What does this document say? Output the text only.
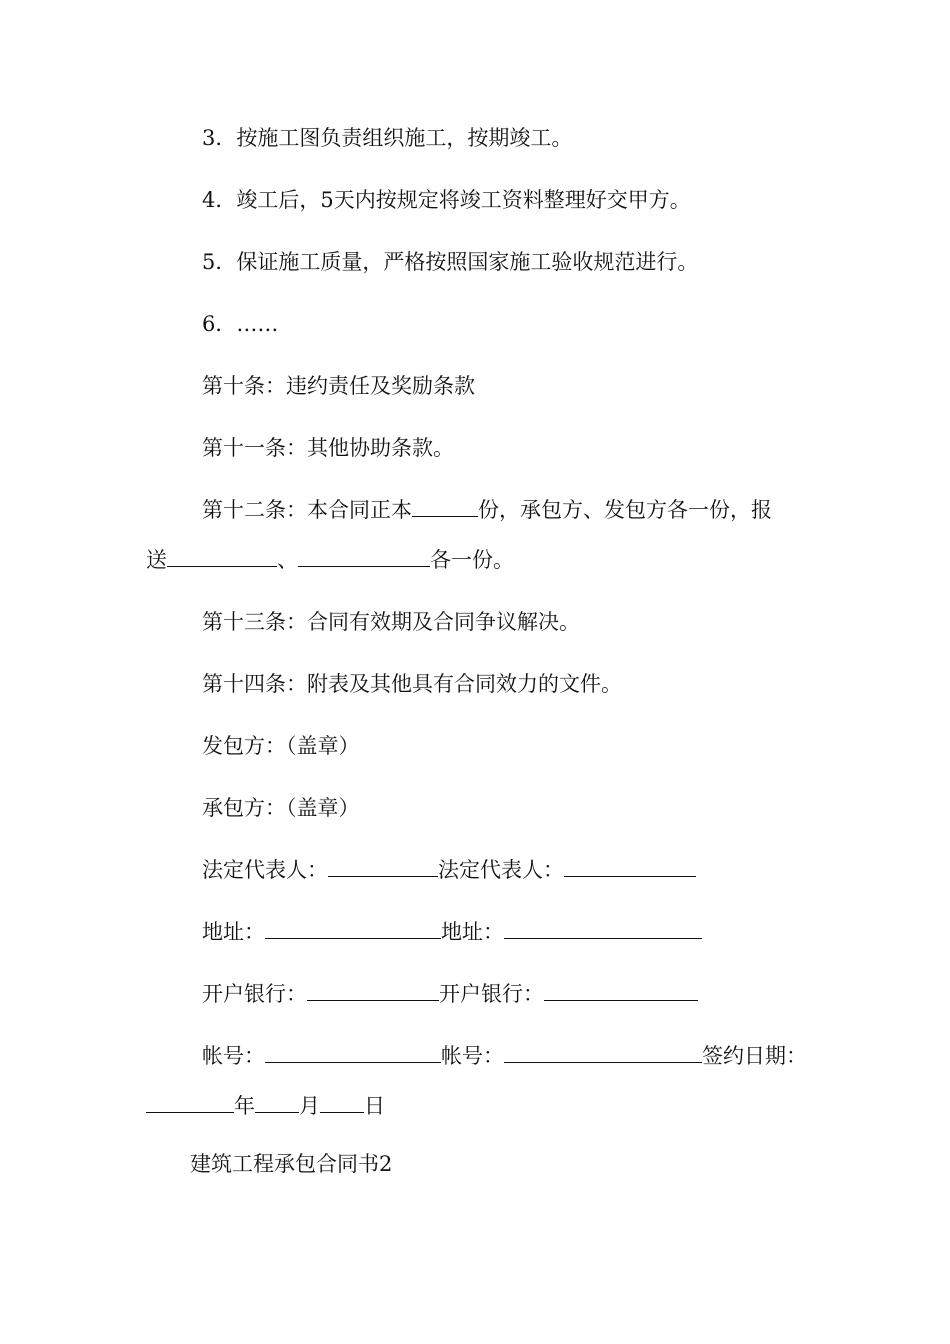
3．按施工图负责组织施工，按期竣工。
4．竣工后，5天内按规定将竣工资料整理好交甲方。
5．保证施工质量，严格按照国家施工验收规范进行。
6．……
第十条：违约责任及奖励条款
第十一条：其他协助条款。
第十二条：本合同正本	份，承包方、发包方各一份，报
送	、	各一份。
第十三条：合同有效期及合同争议解决。
第十四条：附表及其他具有合同效力的文件。
发包方：（盖章）
承包方：（盖章）
法定代表人：	法定代表人：
地址：	地址：
开户银行：	开户银行：
帐号：	帐号：	签约日期：
年 月 日
建筑工程承包合同书2
